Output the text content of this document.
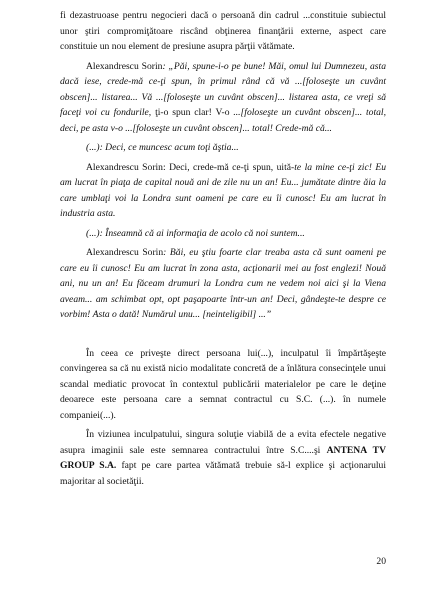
fi dezastruoase pentru negocieri dacă o persoană din cadrul ...constituie subiectul unor ştiri compromiţătoare riscând obţinerea finanţării externe, aspect care constituie un nou element de presiune asupra părţii vătămate.

Alexandrescu Sorin: „Păi, spune-i-o pe bune! Măi, omul lui Dumnezeu, asta dacă iese, crede-mă ce-ţi spun, în primul rând că vă ...[foloseşte un cuvânt obscen]... listarea... Vă ...[foloseşte un cuvânt obscen]... listarea asta, ce vreţi să faceţi voi cu fondurile, ţi-o spun clar! V-o ...[foloseşte un cuvânt obscen]... total, deci, pe asta v-o ...[foloseşte un cuvânt obscen]... total! Credе-mă că...

(...): Deci, ce muncesc acum toţi ăştia...

Alexandrescu Sorin: Deci, crede-mă ce-ţi spun, uită-te la mine ce-ţi zic! Eu am lucrat în piaţa de capital nouă ani de zile nu un an! Eu... jumătate dintre ăia la care umblaţi voi la Londra sunt oameni pe care eu îi cunosc! Eu am lucrat în industria asta.

(...): Înseamnă că ai informaţia de acolo că noi suntem...

Alexandrescu Sorin: Băi, eu ştiu foarte clar treaba asta că sunt oameni pe care eu îi cunosc! Eu am lucrat în zona asta, acţionarii mei au fost englezi! Nouă ani, nu un an! Eu făceam drumuri la Londra cum ne vedem noi aici şi la Viena aveam... am schimbat opt, opt paşapoarte într-un an! Deci, gândeşte-te despre ce vorbim! Asta o dată! Numărul unu... [neinteligibil] ...”

În ceea ce priveşte direct persoana lui(...), inculpatul îi împărtăşeşte convingerea sa că nu există nicio modalitate concretă de a înlătura consecinţele unui scandal mediatic provocat în contextul publicării materialelor pe care le deţine deoarece este persoana care a semnat contractul cu S.C. (...). în numele companiei(...).

În viziunea inculpatului, singura soluţie viabilă de a evita efectele negative asupra imaginii sale este semnarea contractului între S.C....şi ANTENA TV GROUP S.A. fapt pe care partea vătămată trebuie să-l explice şi acţionarului majoritar al societăţii.

20
